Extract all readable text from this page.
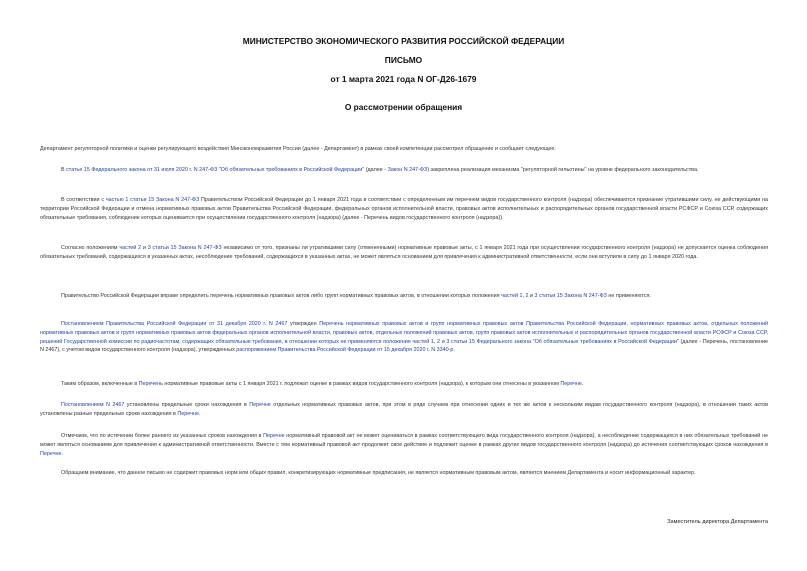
МИНИСТЕРСТВО ЭКОНОМИЧЕСКОГО РАЗВИТИЯ РОССИЙСКОЙ ФЕДЕРАЦИИ
ПИСЬМО
от 1 марта 2021 года N ОГ-Д26-1679
О рассмотрении обращения
Департамент регуляторной политики и оценки регулирующего воздействия Минэкономразвития России (далее - Департамент) в рамках своей компетенции рассмотрел обращение и сообщает следующее.
В статье 15 Федерального закона от 31 июля 2020 г. N 247-ФЗ "Об обязательных требованиях в Российской Федерации" (далее - Закон N 247-ФЗ) закреплена реализация механизма "регуляторной гильотины" на уровне федерального законодательства.
В соответствии с частью 1 статьи 15 Закона N 247-ФЗ Правительством Российской Федерации до 1 января 2021 года в соответствии с определенным им перечнем видов государственного контроля (надзора) обеспечиваются признание утратившими силу, не действующими на территории Российской Федерации и отмена нормативных правовых актов Правительства Российской Федерации, федеральных органов исполнительной власти, правовых актов исполнительных и распорядительных органов государственной власти РСФСР и Союза ССР, содержащих обязательные требования, соблюдение которых оценивается при осуществлении государственного контроля (надзора) (далее - Перечень видов государственного контроля (надзора)).
Согласно положениям частей 2 и 3 статьи 15 Закона N 247-ФЗ независимо от того, признаны ли утратившими силу (отмененными) нормативные правовые акты, с 1 января 2021 года при осуществлении государственного контроля (надзора) не допускается оценка соблюдения обязательных требований, содержащихся в указанных актах, несоблюдение требований, содержащихся в указанных актах, не может являться основанием для привлечения к административной ответственности, если они вступили в силу до 1 января 2020 года.
Правительство Российской Федерации вправе определить перечень нормативных правовых актов либо групп нормативных правовых актов, в отношении которых положения частей 1, 2 и 3 статьи 15 Закона N 247-ФЗ не применяются.
Постановлением Правительства Российской Федерации от 31 декабря 2020 г. N 2467 утвержден Перечень нормативных правовых актов и групп нормативных правовых актов Правительства Российской Федерации, нормативных правовых актов, отдельных положений нормативных правовых актов и групп нормативных правовых актов федеральных органов исполнительной власти, правовых актов, отдельных положений правовых актов, групп правовых актов исполнительных и распорядительных органов государственной власти РСФСР и Союза ССР, решений Государственной комиссии по радиочастотам, содержащих обязательные требования, в отношении которых не применяются положения частей 1, 2 и 3 статьи 15 Федерального закона "Об обязательных требованиях в Российской Федерации" (далее - Перечень, постановление N 2467), с учетом видов государственного контроля (надзора), утвержденных распоряжением Правительства Российской Федерации от 15 декабря 2020 г. N 3340-р.
Таким образом, включенные в Перечень нормативные правовые акты с 1 января 2021 г. подлежат оценке в рамках видов государственного контроля (надзора), к которым они отнесены в указанном Перечне.
Постановлением N 2467 установлены предельные сроки нахождения в Перечне отдельных нормативных правовых актов, при этом в ряде случаев при отнесении одних и тех же актов к нескольким видам государственного контроля (надзора), в отношении таких актов установлены разные предельные сроки нахождения в Перечне.
Отмечаем, что по истечении более раннего из указанных сроков нахождения в Перечне нормативный правовой акт не может оцениваться в рамках соответствующего вида государственного контроля (надзора), а несоблюдение содержащихся в них обязательных требований не может являться основанием для привлечения к административной ответственности. Вместе с тем нормативный правовой акт продолжит свое действие и подлежит оценке в рамках других видов государственного контроля (надзора) до истечения соответствующих сроков нахождения в Перечне.
Обращаем внимание, что данное письмо не содержит правовых норм или общих правил, конкретизирующих нормативные предписания, не является нормативным правовым актом, является мнением Департамента и носит информационный характер.
Заместитель директора Департамента
